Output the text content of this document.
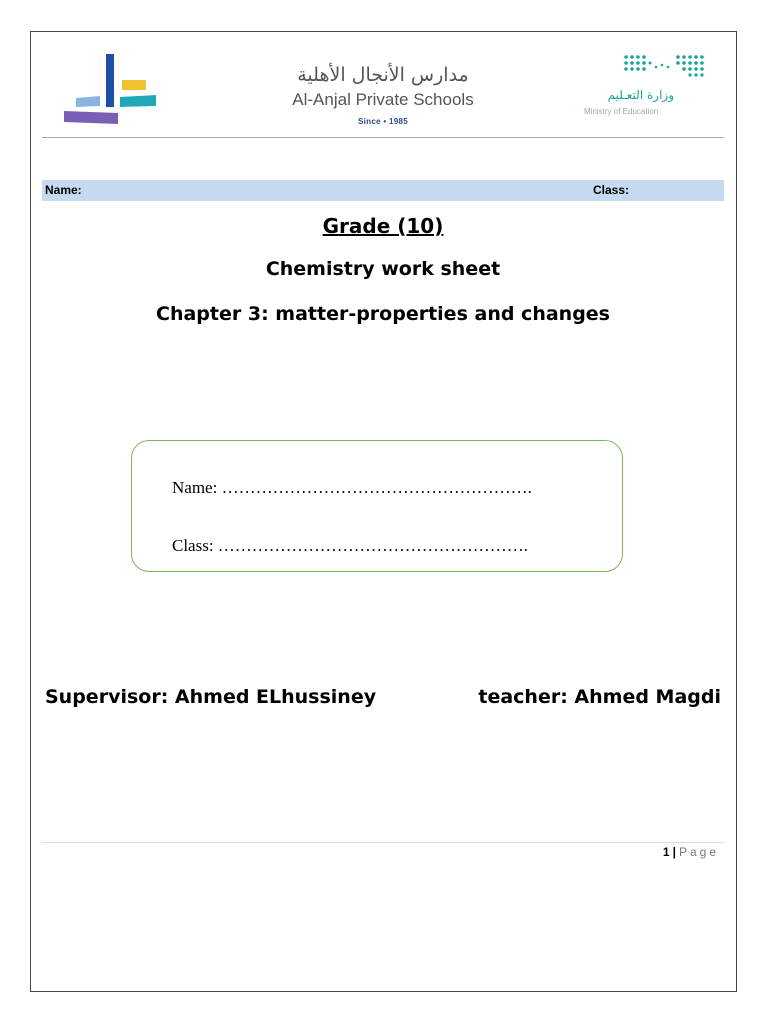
مدارس الأنجال الأهلية
Al-Anjal Private Schools
Since • 1985
وزارة التعـليم
Ministry of Education
Name:	Class:
Grade (10)
Chemistry work sheet
Chapter 3: matter-properties and changes
Name: ……………………………………………….
Class: ……………………………………………….
Supervisor: Ahmed ELhussiney	teacher: Ahmed Magdi
1 | Page
